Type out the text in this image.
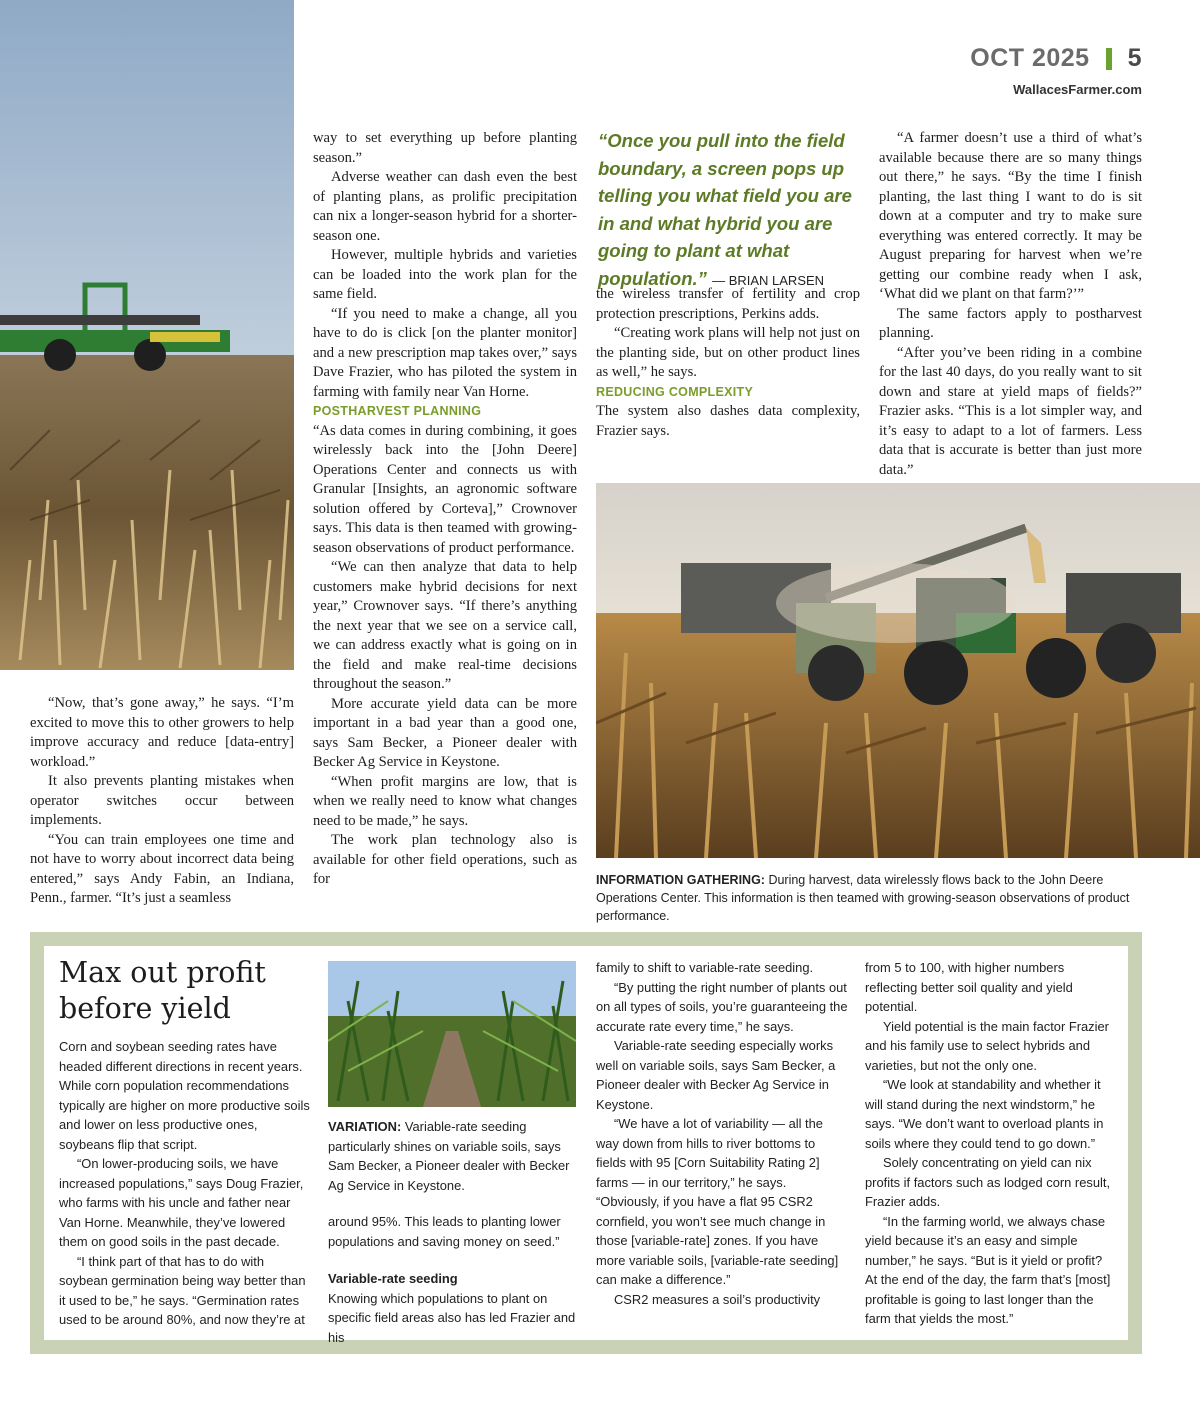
OCT 2025 5
WallacesFarmer.com

“Now, that’s gone away,” he says. “I’m excited to move this to other growers to help improve accuracy and reduce [data-entry] workload.”

It also prevents planting mistakes when operator switches occur between implements.

“You can train employees one time and not have to worry about incorrect data being entered,” says Andy Fabin, an Indiana, Penn., farmer. “It’s just a seamless

way to set everything up before planting season.”

Adverse weather can dash even the best of planting plans, as prolific precipitation can nix a longer-season hybrid for a shorter-season one.

However, multiple hybrids and varieties can be loaded into the work plan for the same field.

“If you need to make a change, all you have to do is click [on the planter monitor] and a new prescription map takes over,” says Dave Frazier, who has piloted the system in farming with family near Van Horne.

POSTHARVEST PLANNING

“As data comes in during combining, it goes wirelessly back into the [John Deere] Operations Center and connects us with Granular [Insights, an agronomic software solution offered by Corteva],” Crownover says. This data is then teamed with growing-season observations of product performance.

“We can then analyze that data to help customers make hybrid decisions for next year,” Crownover says. “If there’s anything the next year that we see on a service call, we can address exactly what is going on in the field and make real-time decisions throughout the season.”

More accurate yield data can be more important in a bad year than a good one, says Sam Becker, a Pioneer dealer with Becker Ag Service in Keystone.

“When profit margins are low, that is when we really need to know what changes need to be made,” he says.

The work plan technology also is available for other field operations, such as for

“Once you pull into the field boundary, a screen pops up telling you what field you are in and what hybrid you are going to plant at what population.” — BRIAN LARSEN

the wireless transfer of fertility and crop protection prescriptions, Perkins adds.

“Creating work plans will help not just on the planting side, but on other product lines as well,” he says.

REDUCING COMPLEXITY

The system also dashes data complexity, Frazier says.

“A farmer doesn’t use a third of what’s available because there are so many things out there,” he says. “By the time I finish planting, the last thing I want to do is sit down at a computer and try to make sure everything was entered correctly. It may be August preparing for harvest when we’re getting our combine ready when I ask, ‘What did we plant on that farm?’”

The same factors apply to postharvest planning.

“After you’ve been riding in a combine for the last 40 days, do you really want to sit down and stare at yield maps of fields?” Frazier asks. “This is a lot simpler way, and it’s easy to adapt to a lot of farmers. Less data that is accurate is better than just more data.”

INFORMATION GATHERING: During harvest, data wirelessly flows back to the John Deere Operations Center. This information is then teamed with growing-season observations of product performance.
Max out profit before yield

Corn and soybean seeding rates have headed different directions in recent years. While corn population recommendations typically are higher on more productive soils and lower on less productive ones, soybeans flip that script.

“On lower-producing soils, we have increased populations,” says Doug Frazier, who farms with his uncle and father near Van Horne. Meanwhile, they’ve lowered them on good soils in the past decade.

“I think part of that has to do with soybean germination being way better than it used to be,” he says. “Germination rates used to be around 80%, and now they’re at

VARIATION: Variable-rate seeding particularly shines on variable soils, says Sam Becker, a Pioneer dealer with Becker Ag Service in Keystone.

around 95%. This leads to planting lower populations and saving money on seed.”

Variable-rate seeding

Knowing which populations to plant on specific field areas also has led Frazier and his

family to shift to variable-rate seeding.

“By putting the right number of plants out on all types of soils, you’re guaranteeing the accurate rate every time,” he says.

Variable-rate seeding especially works well on variable soils, says Sam Becker, a Pioneer dealer with Becker Ag Service in Keystone.

“We have a lot of variability — all the way down from hills to river bottoms to fields with 95 [Corn Suitability Rating 2] farms — in our territory,” he says. “Obviously, if you have a flat 95 CSR2 cornfield, you won’t see much change in those [variable-rate] zones. If you have more variable soils, [variable-rate seeding] can make a difference.”

CSR2 measures a soil’s productivity

from 5 to 100, with higher numbers reflecting better soil quality and yield potential.

Yield potential is the main factor Frazier and his family use to select hybrids and varieties, but not the only one.

“We look at standability and whether it will stand during the next windstorm,” he says. “We don’t want to overload plants in soils where they could tend to go down.”

Solely concentrating on yield can nix profits if factors such as lodged corn result, Frazier adds.

“In the farming world, we always chase yield because it’s an easy and simple number,” he says. “But is it yield or profit? At the end of the day, the farm that’s [most] profitable is going to last longer than the farm that yields the most.”
